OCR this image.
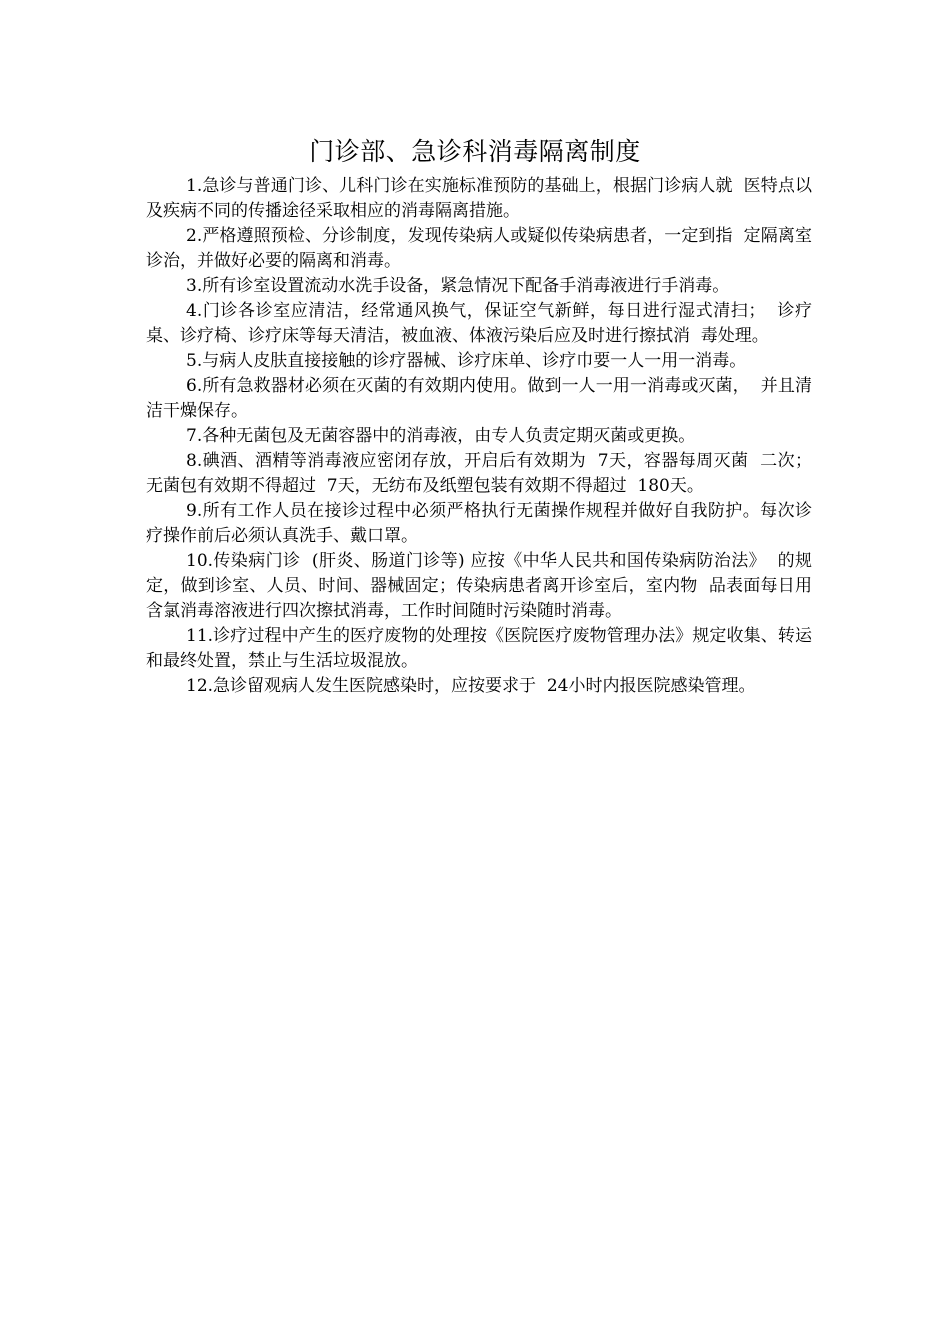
门诊部、急诊科消毒隔离制度

1.急诊与普通门诊、儿科门诊在实施标准预防的基础上，根据门诊病人就  医特点以及疾病不同的传播途径采取相应的消毒隔离措施。

2.严格遵照预检、分诊制度，发现传染病人或疑似传染病患者，一定到指  定隔离室诊治，并做好必要的隔离和消毒。

3.所有诊室设置流动水洗手设备，紧急情况下配备手消毒液进行手消毒。

4.门诊各诊室应清洁，经常通风换气，保证空气新鲜，每日进行湿式清扫；  诊疗桌、诊疗椅、诊疗床等每天清洁，被血液、体液污染后应及时进行擦拭消  毒处理。

5.与病人皮肤直接接触的诊疗器械、诊疗床单、诊疗巾要一人一用一消毒。

6.所有急救器材必须在灭菌的有效期内使用。做到一人一用一消毒或灭菌，  并且清洁干燥保存。

7.各种无菌包及无菌容器中的消毒液，由专人负责定期灭菌或更换。

8.碘酒、酒精等消毒液应密闭存放，开启后有效期为  7天，容器每周灭菌  二次；无菌包有效期不得超过  7天，无纺布及纸塑包装有效期不得超过  180天。

9.所有工作人员在接诊过程中必须严格执行无菌操作规程并做好自我防护。每次诊疗操作前后必须认真洗手、戴口罩。

10.传染病门诊  (肝炎、肠道门诊等) 应按《中华人民共和国传染病防治法》  的规定，做到诊室、人员、时间、器械固定；传染病患者离开诊室后，室内物  品表面每日用含氯消毒溶液进行四次擦拭消毒，工作时间随时污染随时消毒。

11.诊疗过程中产生的医疗废物的处理按《医院医疗废物管理办法》规定收集、转运和最终处置，禁止与生活垃圾混放。

12.急诊留观病人发生医院感染时，应按要求于  24小时内报医院感染管理。
